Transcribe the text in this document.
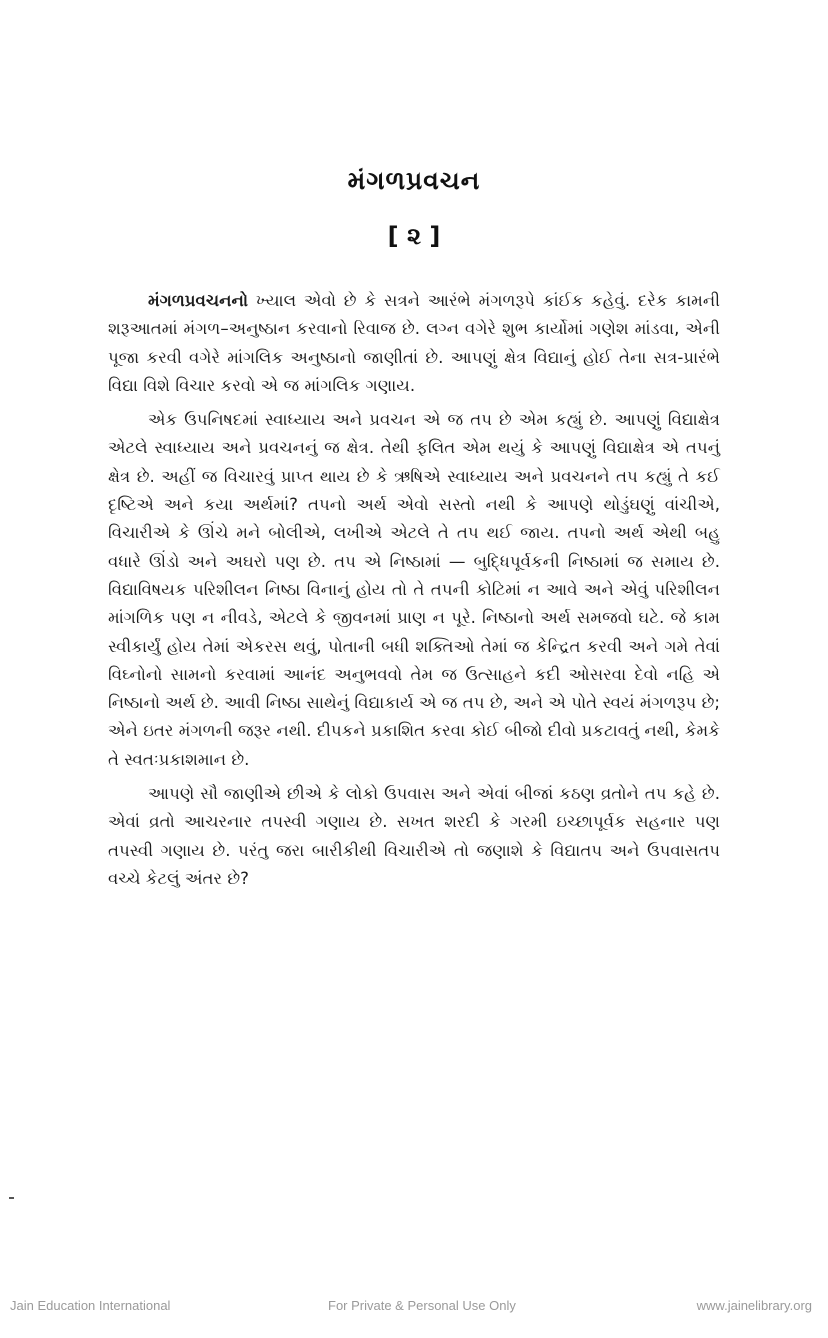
મંગળપ્રવચન
[ ૨ ]

મંગળપ્રવચનનો ખ્યાલ એવો છે કે સત્રને આરંભે મંગળરૂપે કાંઈક કહેવું. દરેક કામની શરૂઆતમાં મંગળ–અનુષ્ઠાન કરવાનો રિવાજ છે. લગ્ન વગેરે શુભ કાર્યોમાં ગણેશ માંડવા, એની પૂજા કરવી વગેરે માંગલિક અનુષ્ઠાનો જાણીતાં છે. આપણું ક્ષેત્ર વિદ્યાનું હોઈ તેના સત્ર-પ્રારંભે વિદ્યા વિશે વિચાર કરવો એ જ માંગલિક ગણાય.

એક ઉપનિષદમાં સ્વાધ્યાય અને પ્રવચન એ જ તપ છે એમ કહ્યું છે. આપણું વિદ્યાક્ષેત્ર એટલે સ્વાધ્યાય અને પ્રવચનનું જ ક્ષેત્ર. તેથી ફલિત એમ થયું કે આપણું વિદ્યાક્ષેત્ર એ તપનું ક્ષેત્ર છે. અહીં જ વિચારવું પ્રાપ્ત થાય છે કે ઋષિએ સ્વાધ્યાય અને પ્રવચનને તપ કહ્યું તે કઈ દૃષ્ટિએ અને કયા અર્થમાં? તપનો અર્થ એવો સસ્તો નથી કે આપણે થોડુંઘણું વાંચીએ, વિચારીએ કે ઊંચે મને બોલીએ, લખીએ એટલે તે તપ થઈ જાય. તપનો અર્થ એથી બહુ વધારે ઊંડો અને અઘરો પણ છે. તપ એ નિષ્ઠામાં — બુદ્ધિપૂર્વકની નિષ્ઠામાં જ સમાય છે. વિદ્યાવિષયક પરિશીલન નિષ્ઠા વિનાનું હોય તો તે તપની કોટિમાં ન આવે અને એવું પરિશીલન માંગળિક પણ ન નીવડે, એટલે કે જીવનમાં પ્રાણ ન પૂરે. નિષ્ઠાનો અર્થ સમજવો ઘટે. જે કામ સ્વીકાર્યું હોય તેમાં એકરસ થવું, પોતાની બધી શક્તિઓ તેમાં જ કેન્દ્રિત કરવી અને ગમે તેવાં વિઘ્નોનો સામનો કરવામાં આનંદ અનુભવવો તેમ જ ઉત્સાહને કદી ઓસરવા દેવો નહિ એ નિષ્ઠાનો અર્થ છે. આવી નિષ્ઠા સાથેનું વિદ્યાકાર્ય એ જ તપ છે, અને એ પોતે સ્વયં મંગળરૂપ છે; એને ઇતર મંગળની જરૂર નથી. દીપકને પ્રકાશિત કરવા કોઈ બીજો દીવો પ્રકટાવતું નથી, કેમકે તે સ્વતઃપ્રકાશમાન છે.

આપણે સૌ જાણીએ છીએ કે લોકો ઉપવાસ અને એવાં બીજાં કઠણ વ્રતોને તપ કહે છે. એવાં વ્રતો આચરનાર તપસ્વી ગણાય છે. સખત શરદી કે ગરમી ઇચ્છાપૂર્વક સહનાર પણ તપસ્વી ગણાય છે. પરંતુ જરા બારીકીથી વિચારીએ તો જણાશે કે વિદ્યાતપ અને ઉપવાસતપ વચ્ચે કેટલું અંતર છે?

Jain Education International	For Private & Personal Use Only	www.jainelibrary.org
